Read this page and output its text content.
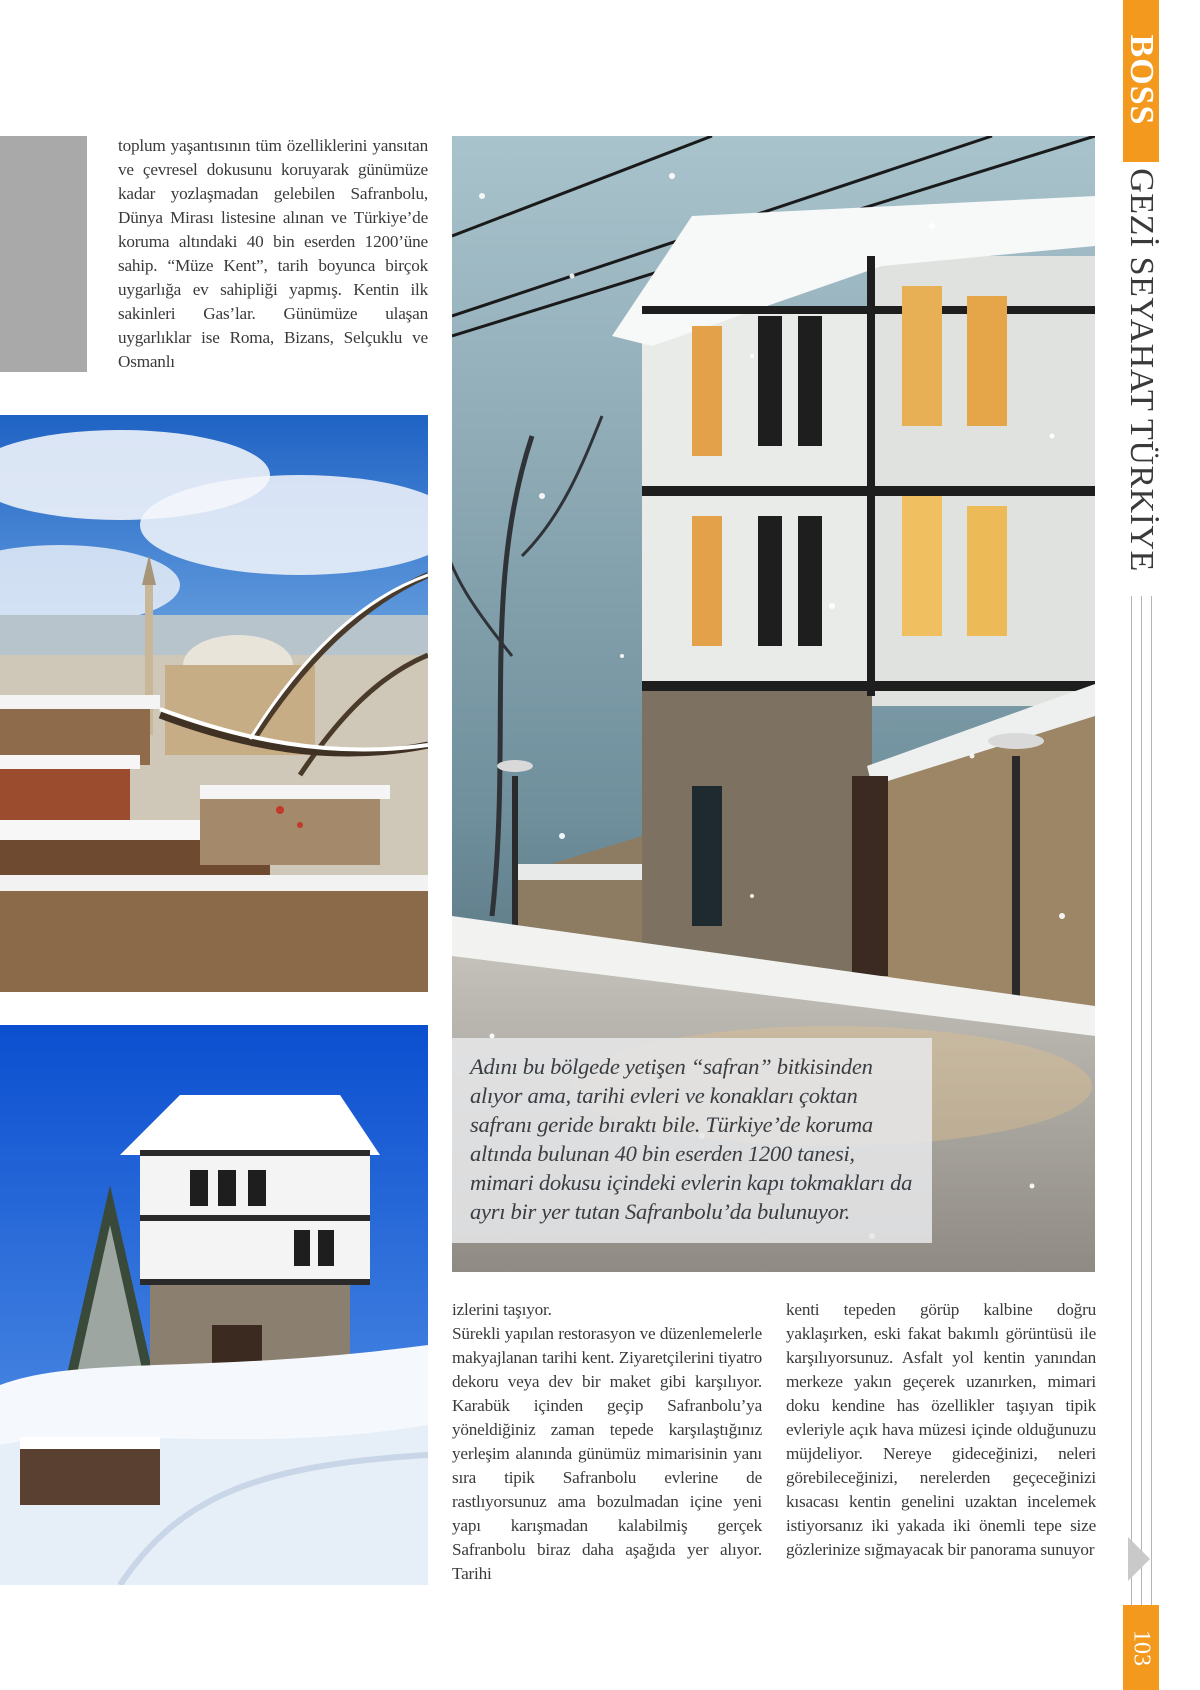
toplum yaşantısının tüm özelliklerini yansıtan ve çevresel dokusunu koruyarak günümüze kadar yozlaşmadan gelebilen Safranbolu, Dünya Mirası listesine alınan ve Türkiye’de koruma altındaki 40 bin eserden 1200’üne sahip. “Müze Kent”, tarih boyunca birçok uygarlığa ev sahipliği yapmış. Kentin ilk sakinleri Gas’lar. Günümüze ulaşan uygarlıklar ise Roma, Bizans, Selçuklu ve Osmanlı

Adını bu bölgede yetişen “safran” bitkisinden alıyor ama, tarihi evleri ve konakları çoktan safranı geride bıraktı bile. Türkiye’de koruma altında bulunan 40 bin eserden 1200 tanesi, mimari dokusu içindeki evlerin kapı tokmakları da ayrı bir yer tutan Safranbolu’da bulunuyor.

izlerini taşıyor.

Sürekli yapılan restorasyon ve düzenlemelerle makyajlanan tarihi kent. Ziyaretçilerini tiyatro dekoru veya dev bir maket gibi karşılıyor. Karabük içinden geçip Safranbolu’ya yöneldiğiniz zaman tepede karşılaştığınız yerleşim alanında günümüz mimarisinin yanı sıra tipik Safranbolu evlerine de rastlıyorsunuz ama bozulmadan içine yeni yapı karışmadan kalabilmiş gerçek Safranbolu biraz daha aşağıda yer alıyor. Tarihi

kenti tepeden görüp kalbine doğru yaklaşırken, eski fakat bakımlı görüntüsü ile karşılıyorsunuz. Asfalt yol kentin yanından merkeze yakın geçerek uzanırken, mimari doku kendine has özellikler taşıyan tipik evleriyle açık hava müzesi içinde olduğunuzu müjdeliyor. Nereye gideceğinizi, neleri görebileceğinizi, nerelerden geçeceğinizi kısacası kentin genelini uzaktan incelemek istiyorsanız iki yakada iki önemli tepe size gözlerinize sığmayacak bir panorama sunuyor

BOSS
GEZİ SEYAHAT TÜRKİYE
103
